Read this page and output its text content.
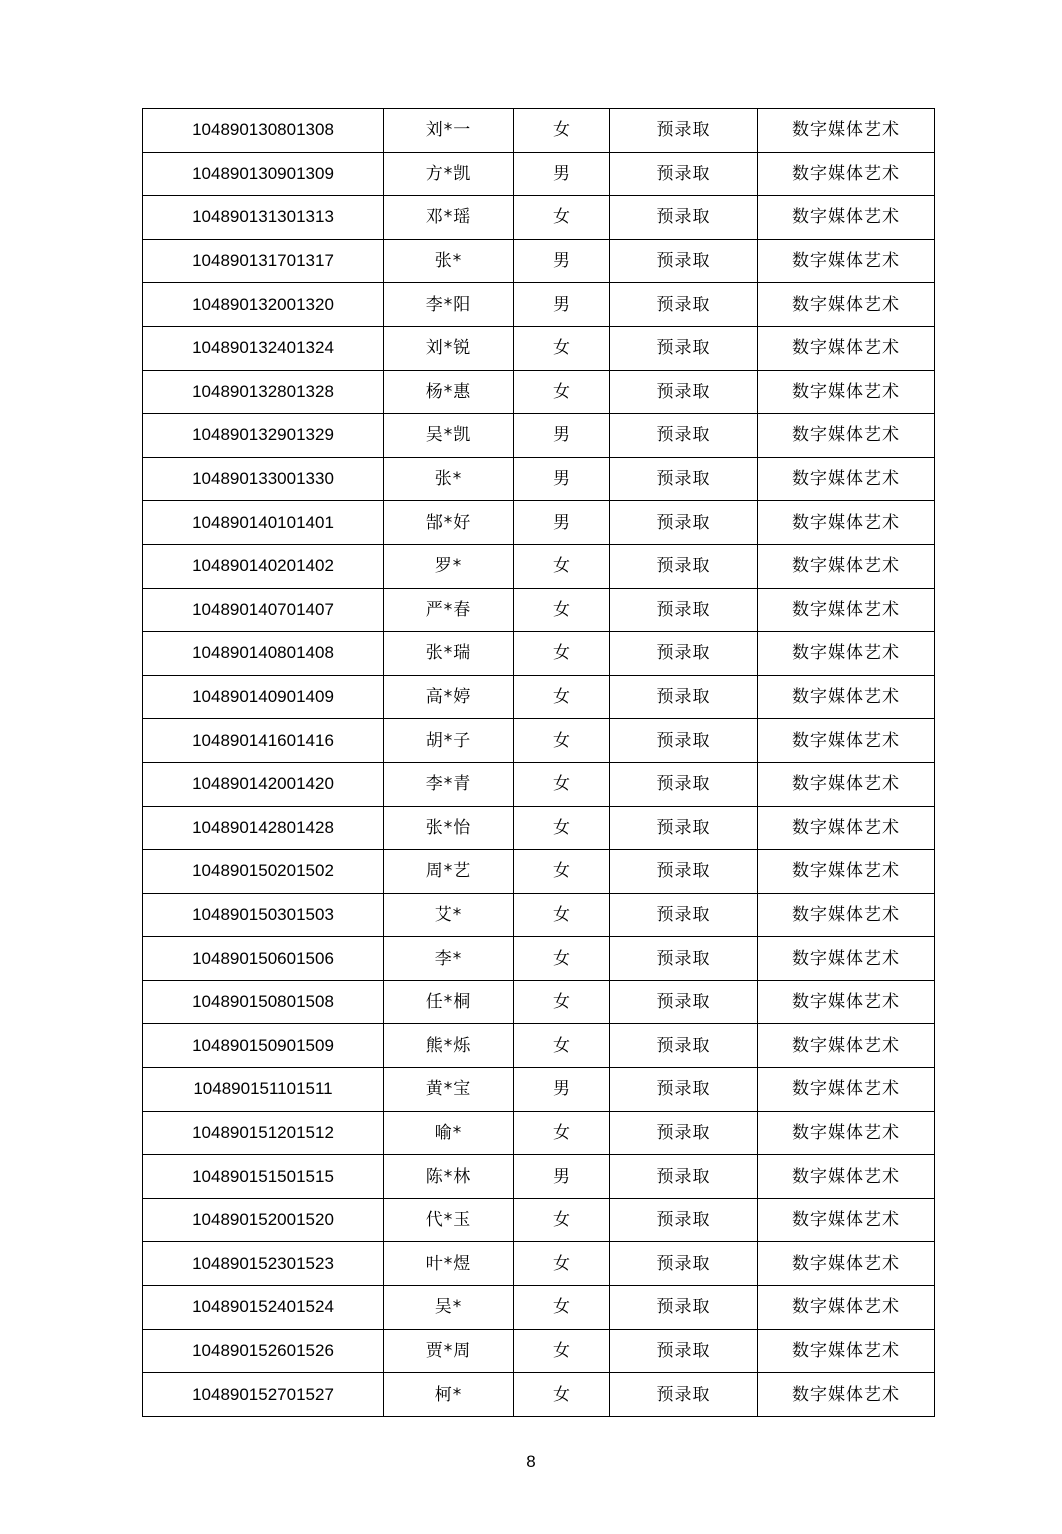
104890130801308	刘*一	女	预录取	数字媒体艺术
104890130901309	方*凯	男	预录取	数字媒体艺术
104890131301313	邓*瑶	女	预录取	数字媒体艺术
104890131701317	张*	男	预录取	数字媒体艺术
104890132001320	李*阳	男	预录取	数字媒体艺术
104890132401324	刘*锐	女	预录取	数字媒体艺术
104890132801328	杨*惠	女	预录取	数字媒体艺术
104890132901329	吴*凯	男	预录取	数字媒体艺术
104890133001330	张*	男	预录取	数字媒体艺术
104890140101401	郜*好	男	预录取	数字媒体艺术
104890140201402	罗*	女	预录取	数字媒体艺术
104890140701407	严*春	女	预录取	数字媒体艺术
104890140801408	张*瑞	女	预录取	数字媒体艺术
104890140901409	高*婷	女	预录取	数字媒体艺术
104890141601416	胡*子	女	预录取	数字媒体艺术
104890142001420	李*青	女	预录取	数字媒体艺术
104890142801428	张*怡	女	预录取	数字媒体艺术
104890150201502	周*艺	女	预录取	数字媒体艺术
104890150301503	艾*	女	预录取	数字媒体艺术
104890150601506	李*	女	预录取	数字媒体艺术
104890150801508	任*桐	女	预录取	数字媒体艺术
104890150901509	熊*烁	女	预录取	数字媒体艺术
104890151101511	黄*宝	男	预录取	数字媒体艺术
104890151201512	喻*	女	预录取	数字媒体艺术
104890151501515	陈*林	男	预录取	数字媒体艺术
104890152001520	代*玉	女	预录取	数字媒体艺术
104890152301523	叶*煜	女	预录取	数字媒体艺术
104890152401524	吴*	女	预录取	数字媒体艺术
104890152601526	贾*周	女	预录取	数字媒体艺术
104890152701527	柯*	女	预录取	数字媒体艺术
8
